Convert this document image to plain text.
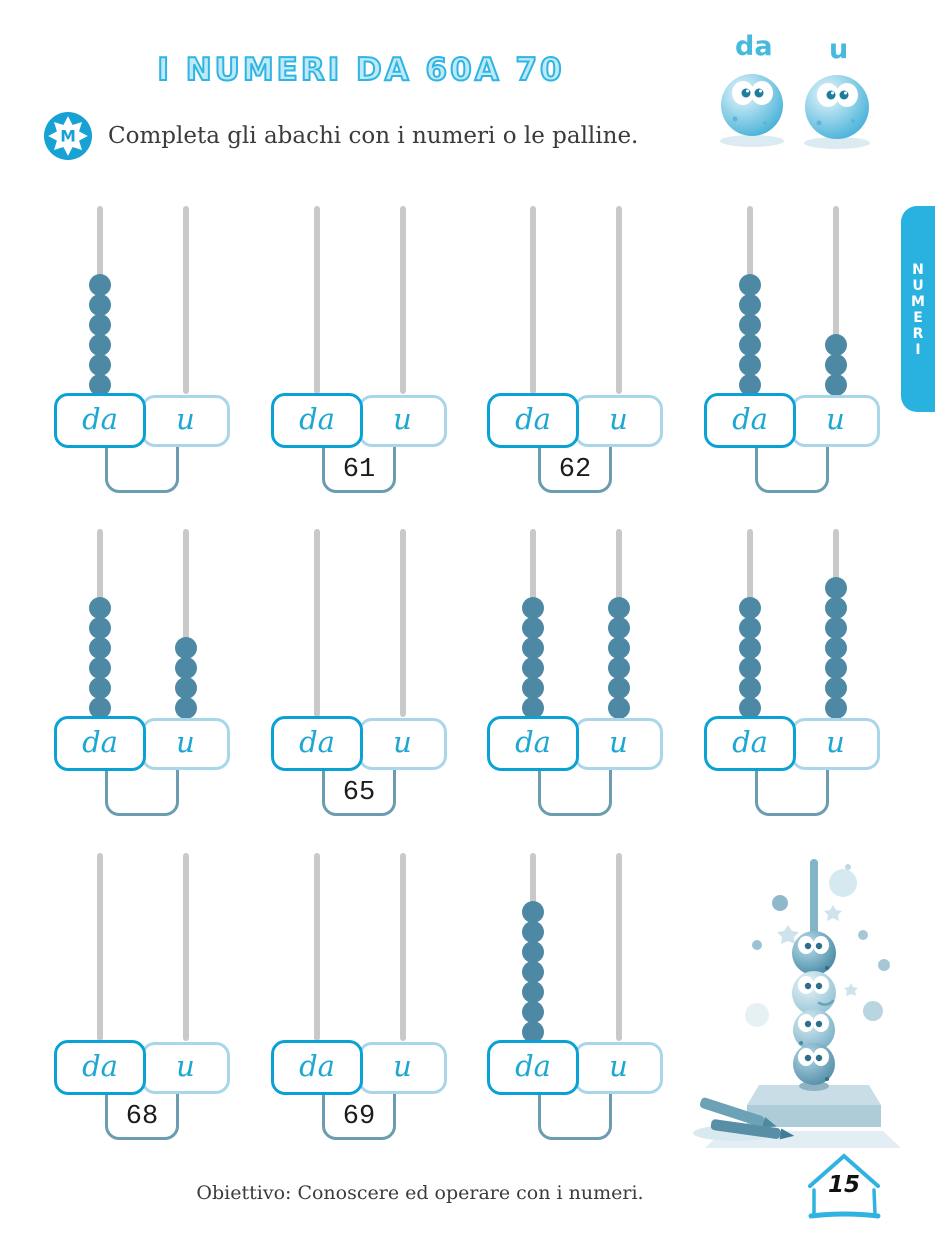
I NUMERI DA 60A 70
M Completa gli abachi con i numeri o le palline.
da u
N
U
M
E
R
I
da u
61
da u
62
da u	da u
da u
65
da u	da u	da u
68
da u
69
da u	da u
Obiettivo: Conoscere ed operare con i numeri.	15
